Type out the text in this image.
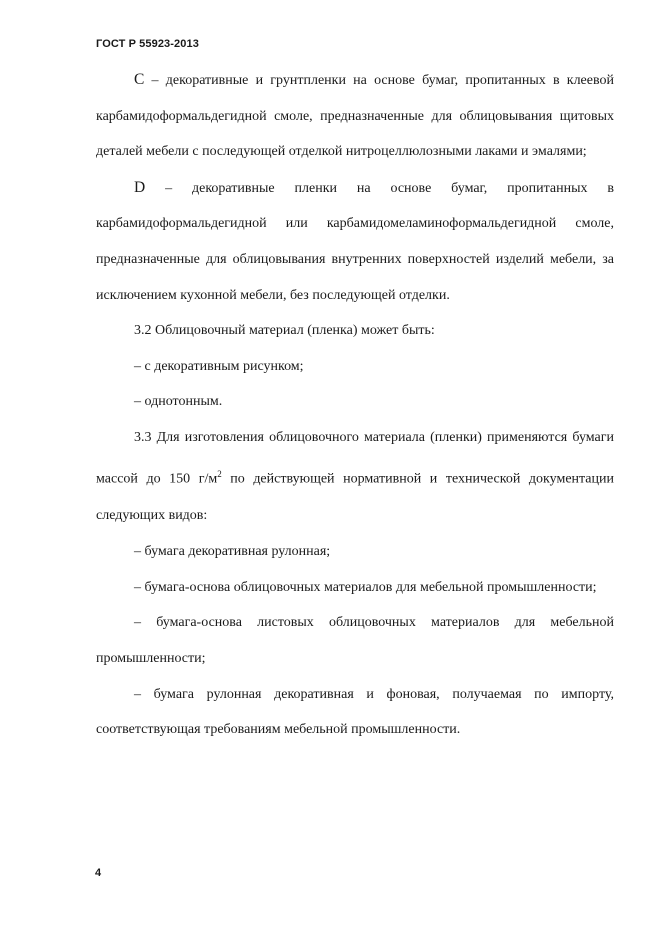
ГОСТ Р 55923-2013

C – декоративные и грунтпленки на основе бумаг, пропитанных в клеевой карбамидоформальдегидной смоле, предназначенные для облицовывания щитовых деталей мебели с последующей отделкой нитроцеллюлозными лаками и эмалями;

D – декоративные пленки на основе бумаг, пропитанных в карбамидоформальдегидной или карбамидомеламиноформальдегидной смоле, предназначенные для облицовывания внутренних поверхностей изделий мебели, за исключением кухонной мебели, без последующей отделки.

3.2 Облицовочный материал (пленка) может быть:

– с декоративным рисунком;

– однотонным.

3.3 Для изготовления облицовочного материала (пленки) применяются бумаги массой до 150 $г/м^2$ по действующей нормативной и технической документации следующих видов:

– бумага декоративная рулонная;

– бумага-основа облицовочных материалов для мебельной промышленности;

– бумага-основа листовых облицовочных материалов для мебельной промышленности;

– бумага рулонная декоративная и фоновая, получаемая по импорту, соответствующая требованиям мебельной промышленности.

4
